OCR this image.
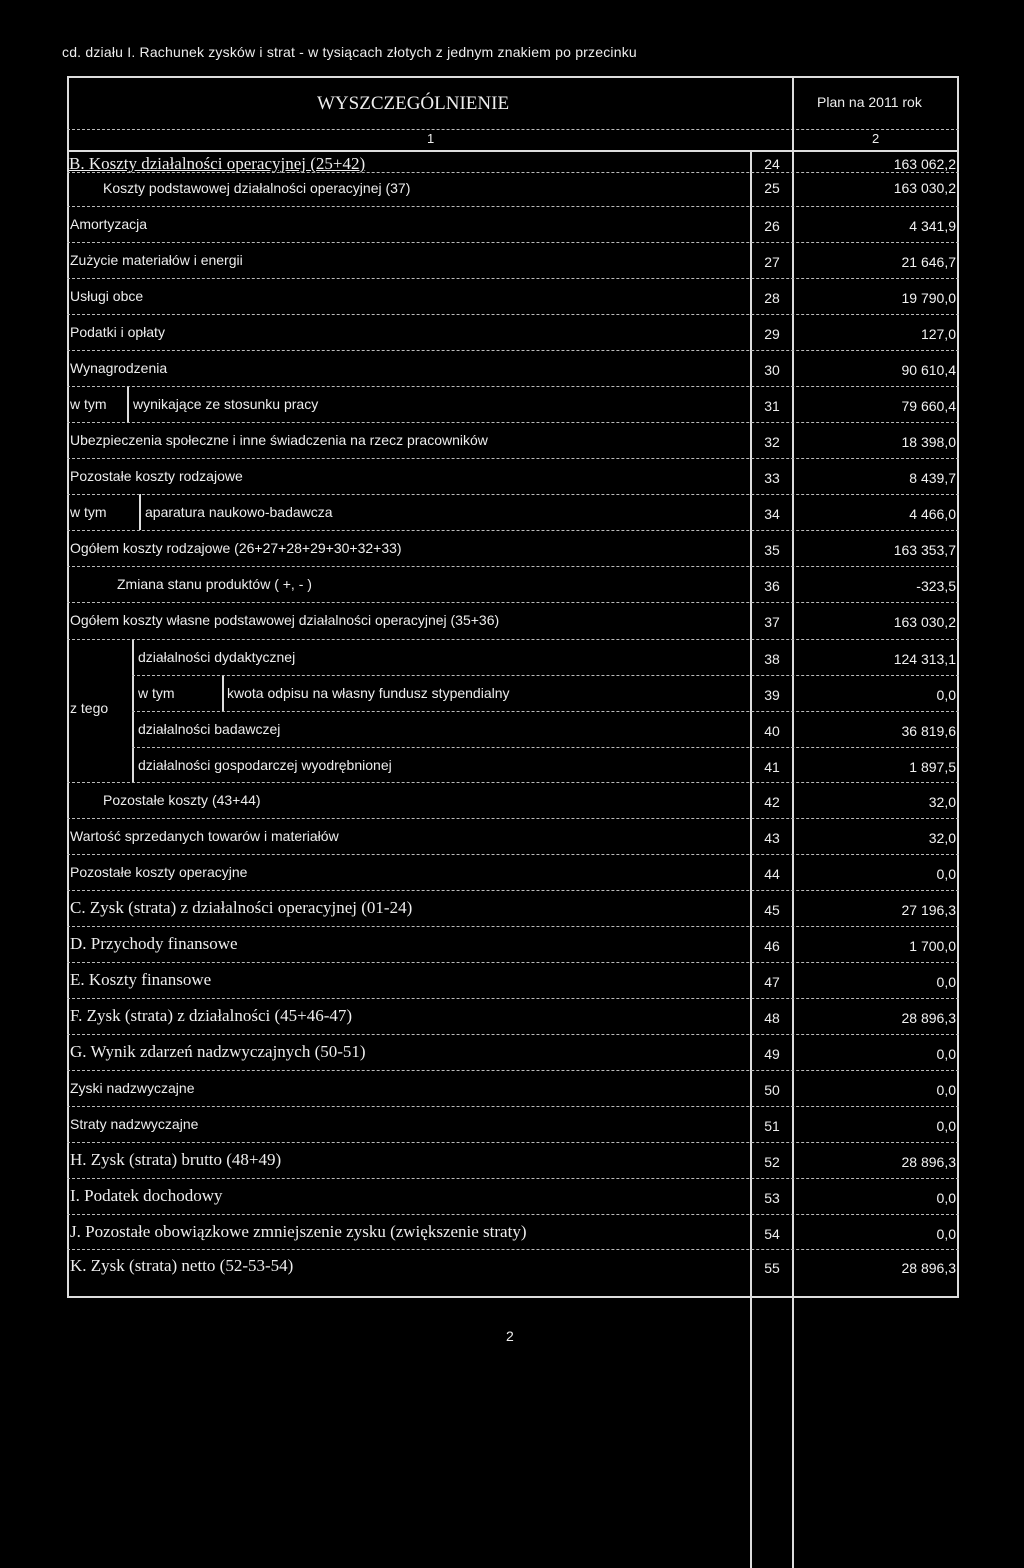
cd. działu I. Rachunek zysków i strat - w tysiącach złotych z jednym znakiem po przecinku
WYSZCZEGÓLNIENIE	Plan na 2011 rok
1	2
B. Koszty działalności operacyjnej (25+42)	24	163 062,2
Koszty podstawowej działalności operacyjnej (37)	25	163 030,2
Amortyzacja	26	4 341,9
Zużycie materiałów i energii	27	21 646,7
Usługi obce	28	19 790,0
Podatki i opłaty	29	127,0
Wynagrodzenia	30	90 610,4
w tym wynikające ze stosunku pracy	31	79 660,4
Ubezpieczenia społeczne i inne świadczenia na rzecz pracowników	32	18 398,0
Pozostałe koszty rodzajowe	33	8 439,7
w tym	aparatura naukowo-badawcza	34	4 466,0
Ogółem koszty rodzajowe (26+27+28+29+30+32+33)	35	163 353,7
Zmiana stanu produktów ( +, - )	36	-323,5
Ogółem koszty własne podstawowej działalności operacyjnej (35+36)	37	163 030,2
z tego
działalności dydaktycznej	38	124 313,1
w tym	kwota odpisu na własny fundusz stypendialny	39	0,0
działalności badawczej	40	36 819,6
działalności gospodarczej wyodrębnionej	41	1 897,5
Pozostałe koszty (43+44)	42	32,0
Wartość sprzedanych towarów i materiałów	43	32,0
Pozostałe koszty operacyjne	44	0,0
C. Zysk (strata) z działalności operacyjnej (01-24)	45	27 196,3
D. Przychody finansowe	46	1 700,0
E. Koszty finansowe	47	0,0
F. Zysk (strata) z działalności (45+46-47)	48	28 896,3
G. Wynik zdarzeń nadzwyczajnych (50-51)	49	0,0
Zyski nadzwyczajne	50	0,0
Straty nadzwyczajne	51	0,0
H. Zysk (strata) brutto (48+49)	52	28 896,3
I. Podatek dochodowy	53	0,0
J. Pozostałe obowiązkowe zmniejszenie zysku (zwiększenie straty)	54	0,0
K. Zysk (strata) netto (52-53-54)	55	28 896,3
2
